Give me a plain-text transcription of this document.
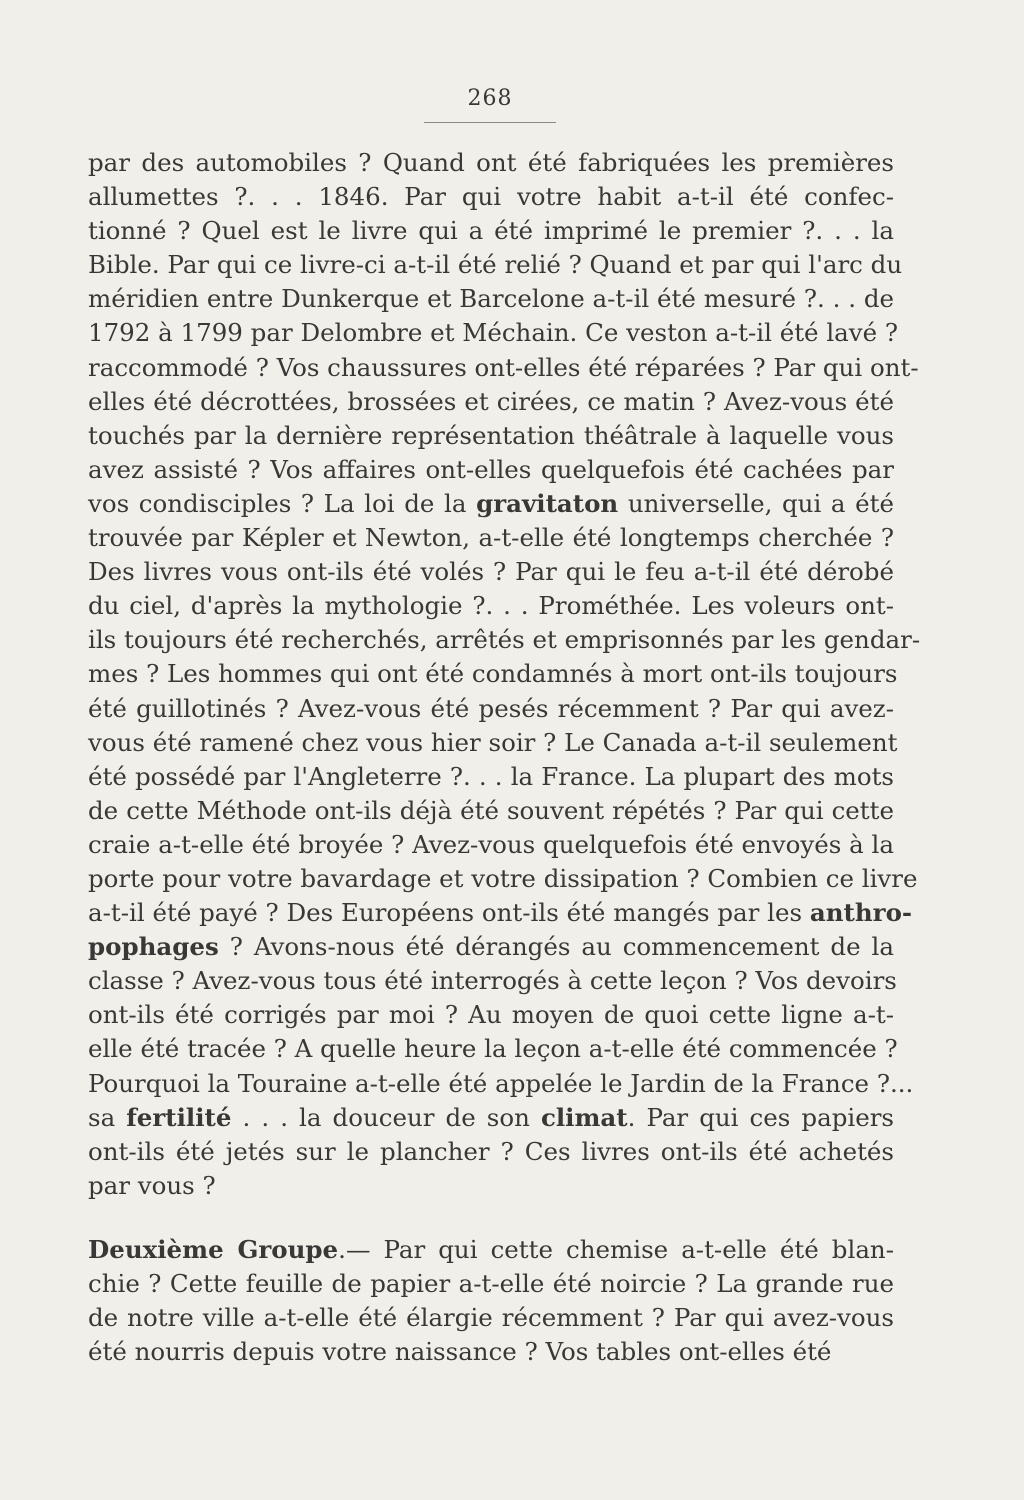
268
par des automobiles ? Quand ont été fabriquées les premières
allumettes ?. . . 1846. Par qui votre habit a-t-il été confec-
tionné ? Quel est le livre qui a été imprimé le premier ?. . . la
Bible. Par qui ce livre-ci a-t-il été relié ? Quand et par qui l'arc du
méridien entre Dunkerque et Barcelone a-t-il été mesuré ?. . . de
1792 à 1799 par Delombre et Méchain. Ce veston a-t-il été lavé ?
raccommodé ? Vos chaussures ont-elles été réparées ? Par qui ont-
elles été décrottées, brossées et cirées, ce matin ? Avez-vous été
touchés par la dernière représentation théâtrale à laquelle vous
avez assisté ? Vos affaires ont-elles quelquefois été cachées par
vos condisciples ? La loi de la gravitaton universelle, qui a été
trouvée par Képler et Newton, a-t-elle été longtemps cherchée ?
Des livres vous ont-ils été volés ? Par qui le feu a-t-il été dérobé
du ciel, d'après la mythologie ?. . . Prométhée. Les voleurs ont-
ils toujours été recherchés, arrêtés et emprisonnés par les gendar-
mes ? Les hommes qui ont été condamnés à mort ont-ils toujours
été guillotinés ? Avez-vous été pesés récemment ? Par qui avez-
vous été ramené chez vous hier soir ? Le Canada a-t-il seulement
été possédé par l'Angleterre ?. . . la France. La plupart des mots
de cette Méthode ont-ils déjà été souvent répétés ? Par qui cette
craie a-t-elle été broyée ? Avez-vous quelquefois été envoyés à la
porte pour votre bavardage et votre dissipation ? Combien ce livre
a-t-il été payé ? Des Européens ont-ils été mangés par les anthro-
pophages ? Avons-nous été dérangés au commencement de la
classe ? Avez-vous tous été interrogés à cette leçon ? Vos devoirs
ont-ils été corrigés par moi ? Au moyen de quoi cette ligne a-t-
elle été tracée ? A quelle heure la leçon a-t-elle été commencée ?
Pourquoi la Touraine a-t-elle été appelée le Jardin de la France ?...
sa fertilité . . . la douceur de son climat. Par qui ces papiers
ont-ils été jetés sur le plancher ? Ces livres ont-ils été achetés
par vous ?
Deuxième Groupe.— Par qui cette chemise a-t-elle été blan-
chie ? Cette feuille de papier a-t-elle été noircie ? La grande rue
de notre ville a-t-elle été élargie récemment ? Par qui avez-vous
été nourris depuis votre naissance ? Vos tables ont-elles été
